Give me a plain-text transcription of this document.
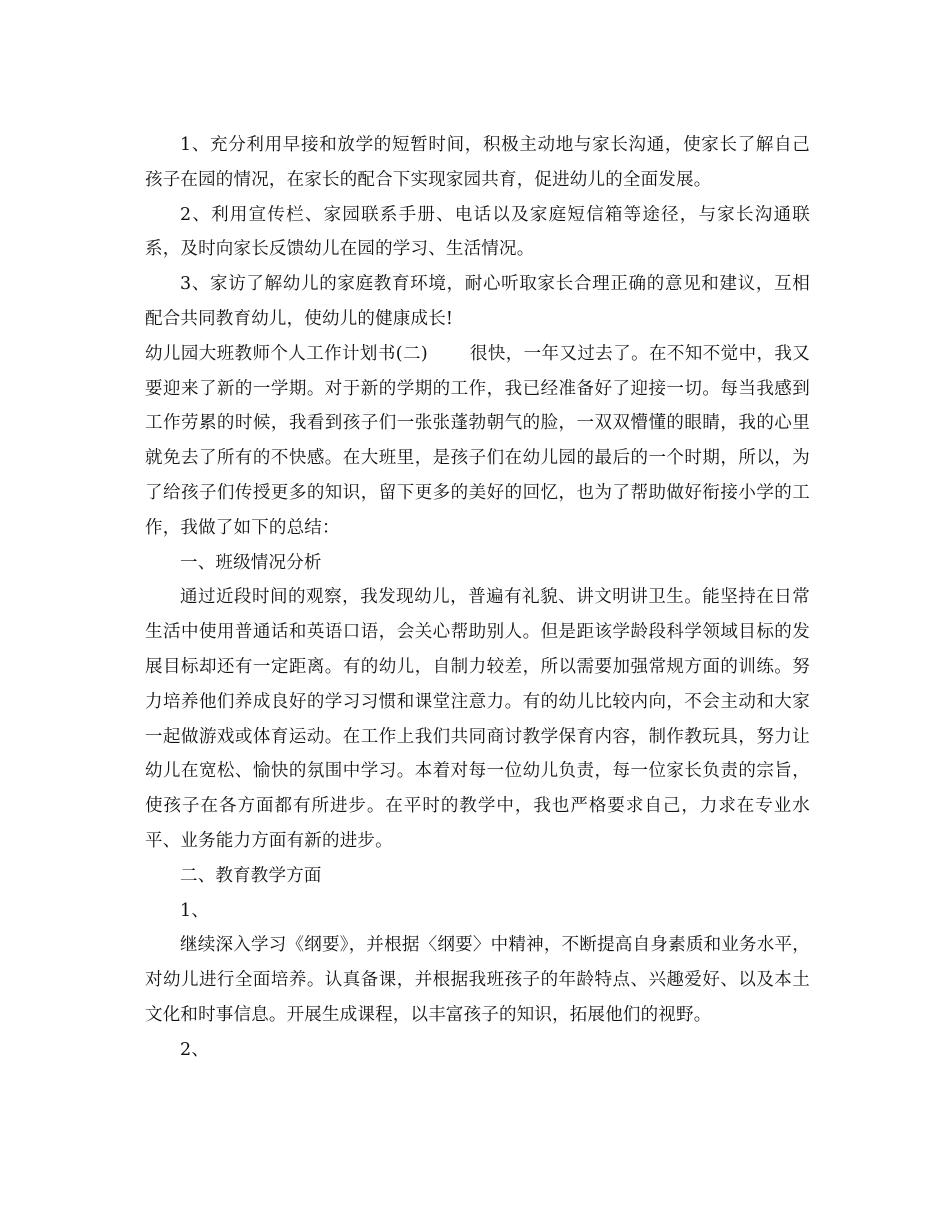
1、充分利用早接和放学的短暂时间，积极主动地与家长沟通，使家长了解自己孩子在园的情况，在家长的配合下实现家园共育，促进幼儿的全面发展。

2、利用宣传栏、家园联系手册、电话以及家庭短信箱等途径，与家长沟通联系，及时向家长反馈幼儿在园的学习、生活情况。

3、家访了解幼儿的家庭教育环境，耐心听取家长合理正确的意见和建议，互相配合共同教育幼儿，使幼儿的健康成长!

幼儿园大班教师个人工作计划书(二)　　 很快，一年又过去了。在不知不觉中，我又要迎来了新的一学期。对于新的学期的工作，我已经准备好了迎接一切。每当我感到工作劳累的时候，我看到孩子们一张张蓬勃朝气的脸，一双双懵懂的眼睛，我的心里就免去了所有的不快感。在大班里，是孩子们在幼儿园的最后的一个时期，所以，为了给孩子们传授更多的知识，留下更多的美好的回忆，也为了帮助做好衔接小学的工作，我做了如下的总结：

一、班级情况分析

通过近段时间的观察，我发现幼儿，普遍有礼貌、讲文明讲卫生。能坚持在日常生活中使用普通话和英语口语，会关心帮助别人。但是距该学龄段科学领域目标的发展目标却还有一定距离。有的幼儿，自制力较差，所以需要加强常规方面的训练。努力培养他们养成良好的学习习惯和课堂注意力。有的幼儿比较内向，不会主动和大家一起做游戏或体育运动。在工作上我们共同商讨教学保育内容，制作教玩具，努力让幼儿在宽松、愉快的氛围中学习。本着对每一位幼儿负责，每一位家长负责的宗旨，使孩子在各方面都有所进步。在平时的教学中，我也严格要求自己，力求在专业水平、业务能力方面有新的进步。

二、教育教学方面

1、

继续深入学习《纲要》，并根据〈纲要〉中精神，不断提高自身素质和业务水平，对幼儿进行全面培养。认真备课，并根据我班孩子的年龄特点、兴趣爱好、以及本土文化和时事信息。开展生成课程，以丰富孩子的知识，拓展他们的视野。

2、
